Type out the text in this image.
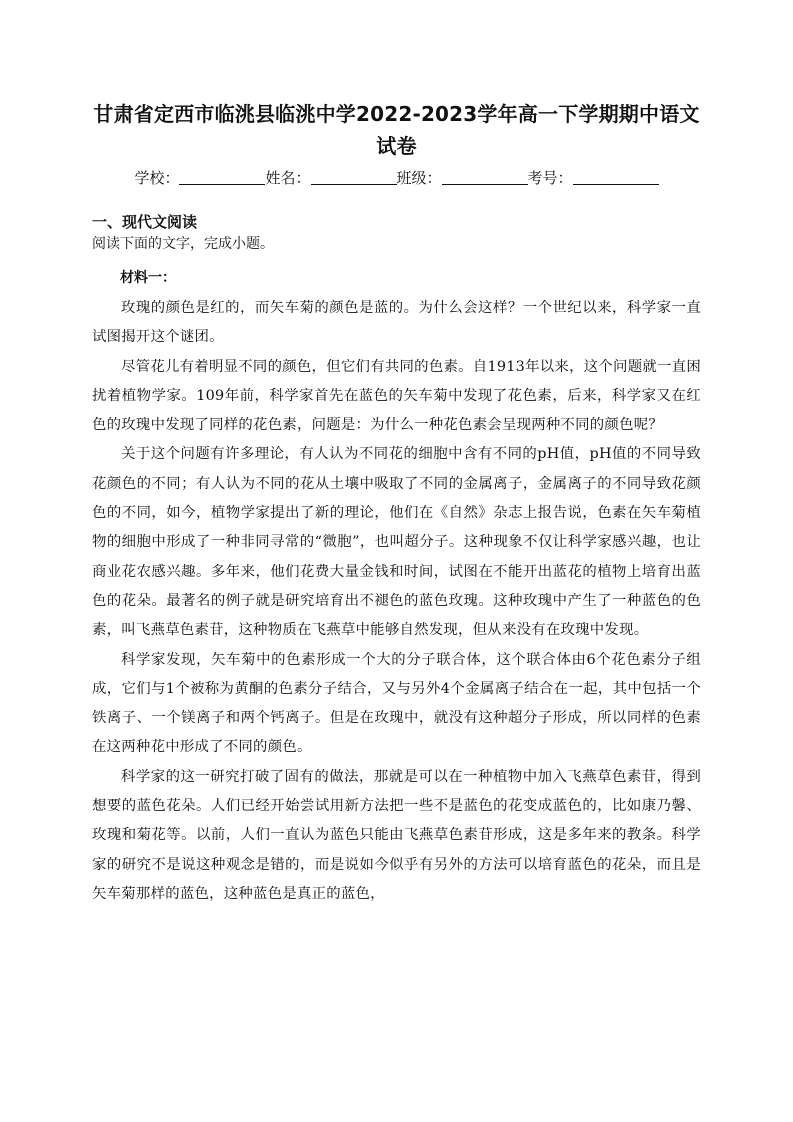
甘肃省定西市临洮县临洮中学2022-2023学年高一下学期期中语文试卷
学校：	姓名：	班级：	考号：
一、现代文阅读
阅读下面的文字，完成小题。
材料一：

玫瑰的颜色是红的，而矢车菊的颜色是蓝的。为什么会这样？一个世纪以来，科学家一直试图揭开这个谜团。

尽管花儿有着明显不同的颜色，但它们有共同的色素。自1913年以来，这个问题就一直困扰着植物学家。109年前，科学家首先在蓝色的矢车菊中发现了花色素，后来，科学家又在红色的玫瑰中发现了同样的花色素，问题是：为什么一种花色素会呈现两种不同的颜色呢？

关于这个问题有许多理论，有人认为不同花的细胞中含有不同的pH值，pH值的不同导致花颜色的不同；有人认为不同的花从土壤中吸取了不同的金属离子，金属离子的不同导致花颜色的不同，如今，植物学家提出了新的理论，他们在《自然》杂志上报告说，色素在矢车菊植物的细胞中形成了一种非同寻常的“微胞”，也叫超分子。这种现象不仅让科学家感兴趣，也让商业花农感兴趣。多年来，他们花费大量金钱和时间，试图在不能开出蓝花的植物上培育出蓝色的花朵。最著名的例子就是研究培育出不褪色的蓝色玫瑰。这种玫瑰中产生了一种蓝色的色素，叫飞燕草色素苷，这种物质在飞燕草中能够自然发现，但从来没有在玫瑰中发现。

科学家发现，矢车菊中的色素形成一个大的分子联合体，这个联合体由6个花色素分子组成，它们与1个被称为黄酮的色素分子结合，又与另外4个金属离子结合在一起，其中包括一个铁离子、一个镁离子和两个钙离子。但是在玫瑰中，就没有这种超分子形成，所以同样的色素在这两种花中形成了不同的颜色。

科学家的这一研究打破了固有的做法，那就是可以在一种植物中加入飞燕草色素苷，得到想要的蓝色花朵。人们已经开始尝试用新方法把一些不是蓝色的花变成蓝色的，比如康乃馨、玫瑰和菊花等。以前，人们一直认为蓝色只能由飞燕草色素苷形成，这是多年来的教条。科学家的研究不是说这种观念是错的，而是说如今似乎有另外的方法可以培育蓝色的花朵，而且是矢车菊那样的蓝色，这种蓝色是真正的蓝色，
